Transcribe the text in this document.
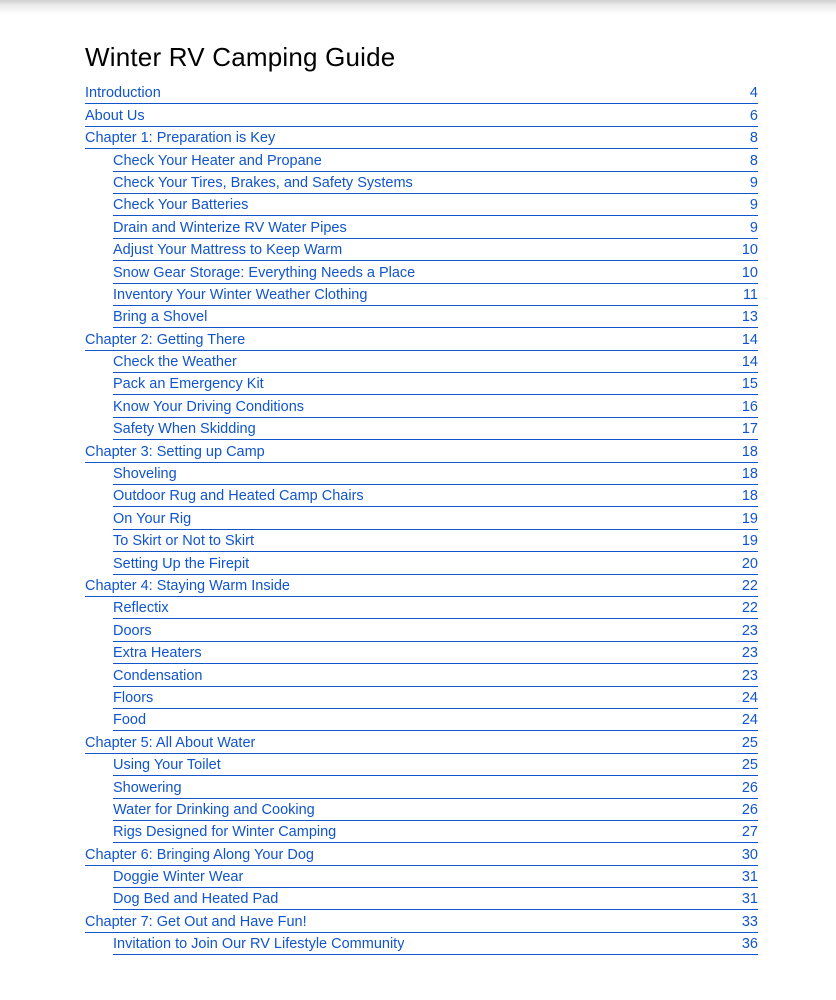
Winter RV Camping Guide
Introduction	4
About Us	6
Chapter 1: Preparation is Key	8
Check Your Heater and Propane	8
Check Your Tires, Brakes, and Safety Systems	9
Check Your Batteries	9
Drain and Winterize RV Water Pipes	9
Adjust Your Mattress to Keep Warm	10
Snow Gear Storage: Everything Needs a Place	10
Inventory Your Winter Weather Clothing	11
Bring a Shovel	13
Chapter 2: Getting There	14
Check the Weather	14
Pack an Emergency Kit	15
Know Your Driving Conditions	16
Safety When Skidding	17
Chapter 3: Setting up Camp	18
Shoveling	18
Outdoor Rug and Heated Camp Chairs	18
On Your Rig	19
To Skirt or Not to Skirt	19
Setting Up the Firepit	20
Chapter 4: Staying Warm Inside	22
Reflectix	22
Doors	23
Extra Heaters	23
Condensation	23
Floors	24
Food	24
Chapter 5: All About Water	25
Using Your Toilet	25
Showering	26
Water for Drinking and Cooking	26
Rigs Designed for Winter Camping	27
Chapter 6: Bringing Along Your Dog	30
Doggie Winter Wear	31
Dog Bed and Heated Pad	31
Chapter 7: Get Out and Have Fun!	33
Invitation to Join Our RV Lifestyle Community	36
